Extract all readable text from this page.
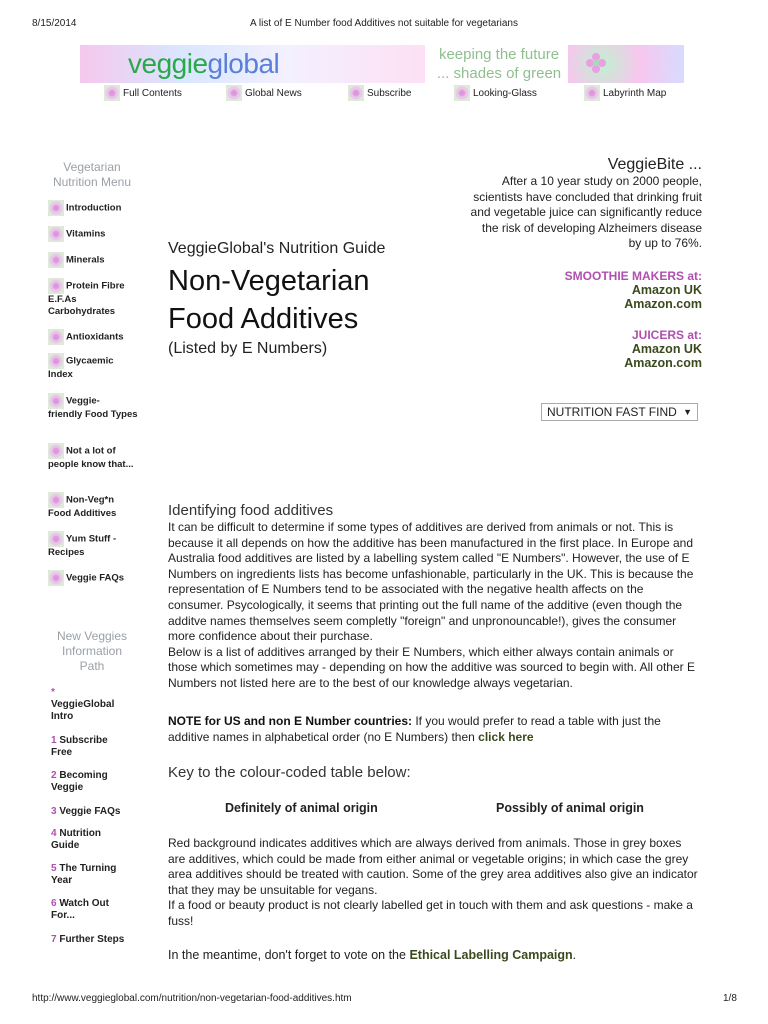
8/15/2014	A list of E Number food Additives not suitable for vegetarians
veggieglobal	keeping the future
... shades of green
Full Contents	Global News	Subscribe	Looking-Glass	Labyrinth Map
Vegetarian
Nutrition Menu
Introduction
Vitamins
Minerals
Protein Fibre
E.F.As Carbohydrates
Antioxidants
Glycaemic
Index
Veggie-
friendly Food Types
Not a lot of
people know that...
Non-Veg*n
Food Additives
Yum Stuff -
Recipes
Veggie FAQs
New Veggies
Information
Path
*
VeggieGlobal Intro
1 Subscribe Free
2 Becoming Veggie
3 Veggie FAQs
4 Nutrition Guide
5 The Turning Year
6 Watch Out For...
7 Further Steps
VeggieGlobal's Nutrition Guide
Non-Vegetarian
Food Additives
(Listed by E Numbers)
VeggieBite ...
After a 10 year study on 2000 people, scientists have concluded that drinking fruit and vegetable juice can significantly reduce the risk of developing Alzheimers disease by up to 76%.
SMOOTHIE MAKERS at:
Amazon UK
Amazon.com
JUICERS at:
Amazon UK
Amazon.com
NUTRITION FAST FIND ▼
Identifying food additives
It can be difficult to determine if some types of additives are derived from animals or not. This is because it all depends on how the additive has been manufactured in the first place. In Europe and Australia food additives are listed by a labelling system called "E Numbers". However, the use of E Numbers on ingredients lists has become unfashionable, particularly in the UK. This is because the representation of E Numbers tend to be associated with the negative health affects on the consumer. Psycologically, it seems that printing out the full name of the additive (even though the additve names themselves seem completly "foreign" and unpronouncable!), gives the consumer more confidence about their purchase.
Below is a list of additives arranged by their E Numbers, which either always contain animals or those which sometimes may - depending on how the additive was sourced to begin with. All other E Numbers not listed here are to the best of our knowledge always vegetarian.
NOTE for US and non E Number countries: If you would prefer to read a table with just the additive names in alphabetical order (no E Numbers) then click here
Key to the colour-coded table below:
Definitely of animal origin	Possibly of animal origin
Red background indicates additives which are always derived from animals. Those in grey boxes are additives, which could be made from either animal or vegetable origins; in which case the grey area additives should be treated with caution. Some of the grey area additives also give an indicator that they may be unsuitable for vegans.
If a food or beauty product is not clearly labelled get in touch with them and ask questions - make a fuss!
In the meantime, don't forget to vote on the Ethical Labelling Campaign.
http://www.veggieglobal.com/nutrition/non-vegetarian-food-additives.htm	1/8
